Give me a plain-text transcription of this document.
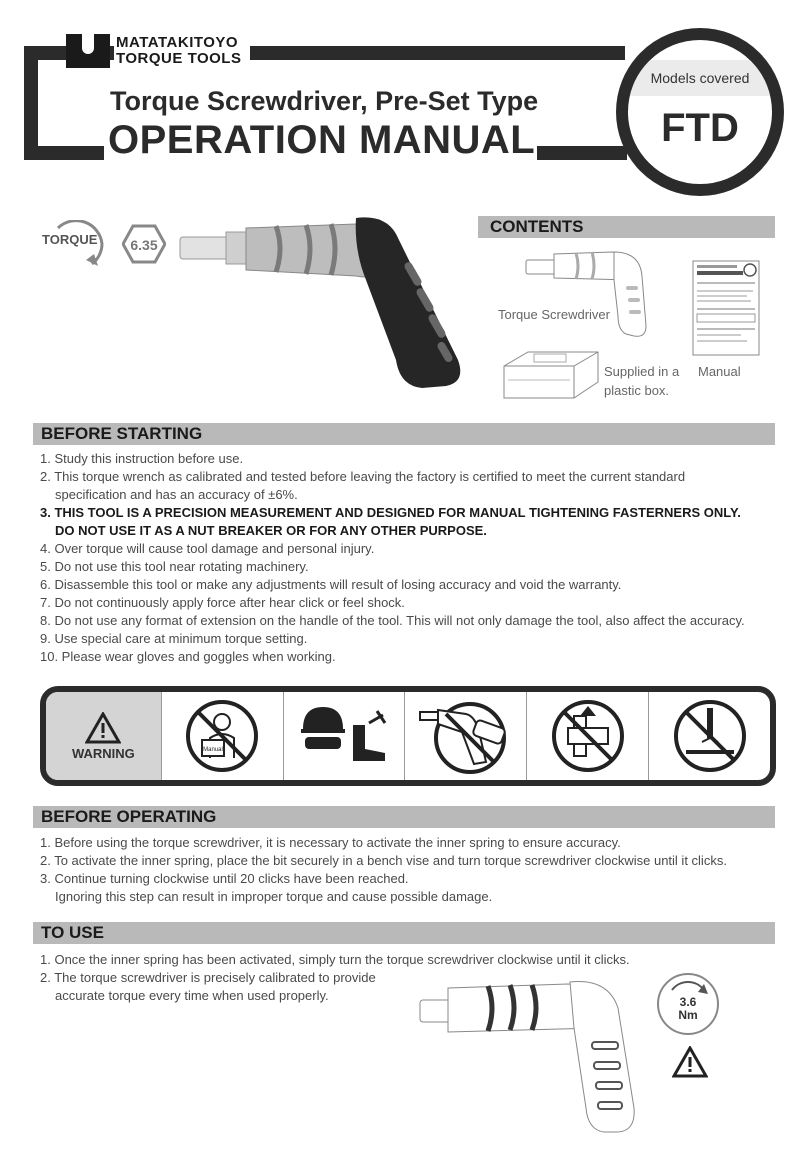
MATATAKITOYO
TORQUE TOOLS
Torque Screwdriver, Pre-Set Type
OPERATION MANUAL
Models covered
FTD
TORQUE 6.35
CONTENTS
Torque Screwdriver
Supplied in a
plastic box.
Manual
BEFORE STARTING
1. Study this instruction before use.
2. This torque wrench as calibrated and tested before leaving the factory is certified to meet the current standard
specification and has an accuracy of ±6%.
3. THIS TOOL IS A PRECISION MEASUREMENT AND DESIGNED FOR MANUAL TIGHTENING FASTERNERS ONLY.
DO NOT USE IT AS A NUT BREAKER OR FOR ANY OTHER PURPOSE.
4. Over torque will cause tool damage and personal injury.
5. Do not use this tool near rotating machinery.
6. Disassemble this tool or make any adjustments will result of losing accuracy and void the warranty.
7. Do not continuously apply force after hear click or feel shock.
8. Do not use any format of extension on the handle of the tool. This will not only damage the tool, also affect the accuracy.
9. Use special care at minimum torque setting.
10. Please wear gloves and goggles when working.
WARNING	Manual
BEFORE OPERATING
1. Before using the torque screwdriver, it is necessary to activate the inner spring to ensure accuracy.
2. To activate the inner spring, place the bit securely in a bench vise and turn torque screwdriver clockwise until it clicks.
3. Continue turning clockwise until 20 clicks have been reached.
Ignoring this step can result in improper torque and cause possible damage.
TO USE
1. Once the inner spring has been activated, simply turn the torque screwdriver clockwise until it clicks.
2. The torque screwdriver is precisely calibrated to provide
accurate torque every time when used properly.	3.6
Nm
